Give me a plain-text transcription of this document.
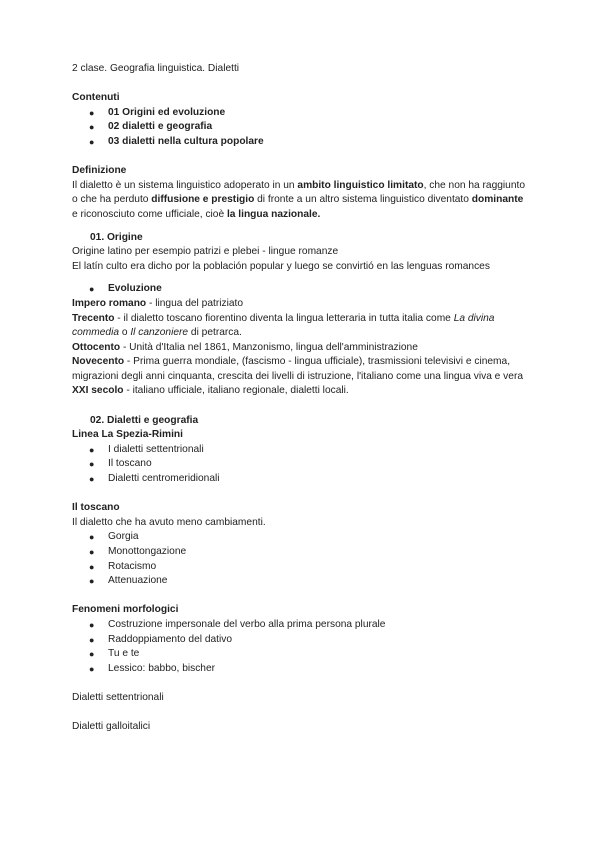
2 clase. Geografia linguistica. Dialetti
Contenuti
● 01 Origini ed evoluzione
● 02 dialetti e geografia
● 03 dialetti nella cultura popolare
Definizione
Il dialetto è un sistema linguistico adoperato in un ambito linguistico limitato, che non ha raggiunto o che ha perduto diffusione e prestigio di fronte a un altro sistema linguistico diventato dominante e riconosciuto come ufficiale, cioè la lingua nazionale.
01. Origine
Origine latino per esempio patrizi e plebei - lingue romanze
El latín culto era dicho por la población popular y luego se convirtió en las lenguas romances
● Evoluzione
Impero romano - lingua del patriziato
Trecento - il dialetto toscano fiorentino diventa la lingua letteraria in tutta italia come La divina commedia o Il canzoniere di petrarca.
Ottocento - Unità d'Italia nel 1861, Manzonismo, lingua dell'amministrazione
Novecento - Prima guerra mondiale, (fascismo - lingua ufficiale), trasmissioni televisivi e cinema, migrazioni degli anni cinquanta, crescita dei livelli di istruzione, l'italiano come una lingua viva e vera
XXI secolo - italiano ufficiale, italiano regionale, dialetti locali.
02. Dialetti e geografia
Linea La Spezia-Rimini
● I dialetti settentrionali
● Il toscano
● Dialetti centromeridionali
Il toscano
Il dialetto che ha avuto meno cambiamenti.
● Gorgia
● Monottongazione
● Rotacismo
● Attenuazione
Fenomeni morfologici
● Costruzione impersonale del verbo alla prima persona plurale
● Raddoppiamento del dativo
● Tu e te
● Lessico: babbo, bischer
Dialetti settentrionali
Dialetti galloitalici
